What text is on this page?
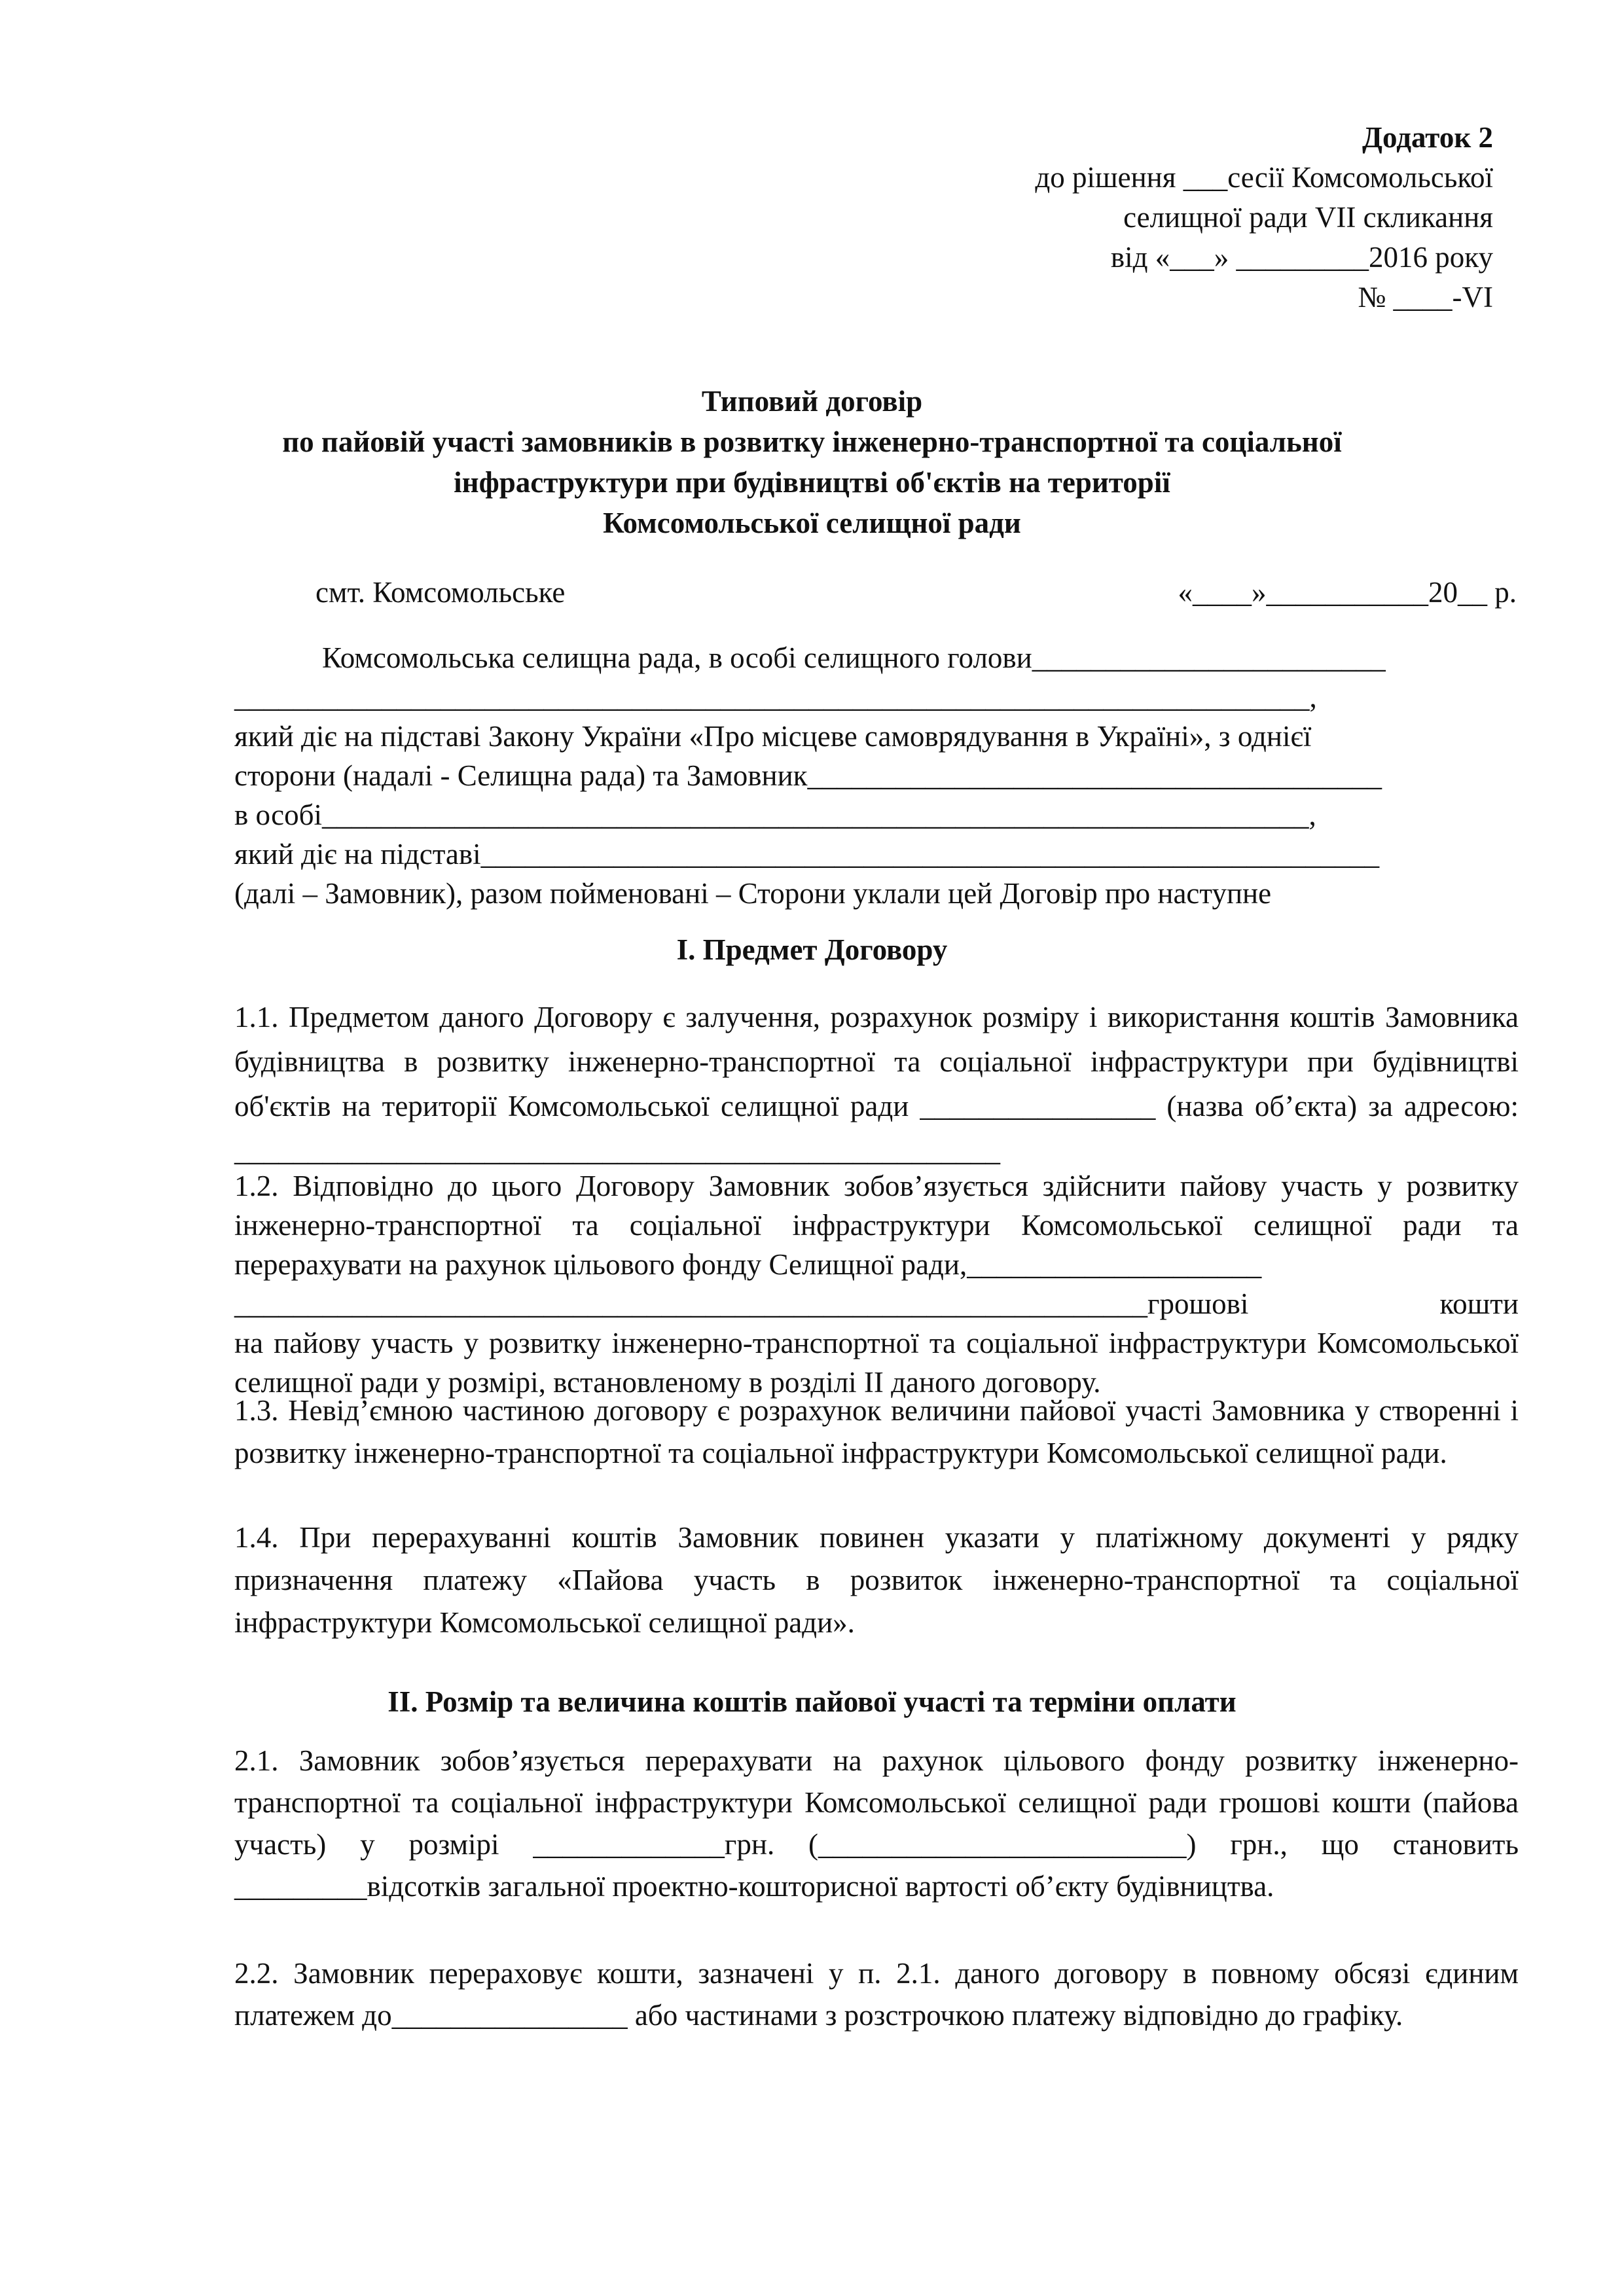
Додаток 2

до рішення ___сесії Комсомольської

селищної ради VII скликання

від «___» _________2016 року

№ ____-VI

Типовий договір

по пайовій участі замовників в розвитку інженерно-транспортної та соціальної

інфраструктури при будівництві об'єктів на території

Комсомольської селищної ради

смт. Комсомольське	«____»___________20__ р.

Комсомольська селищна рада, в особі селищного голови________________________

_________________________________________________________________________,

який діє на підставі Закону України «Про місцеве самоврядування в Україні», з однієї

сторони (надалі - Селищна рада) та Замовник_______________________________________

в особі___________________________________________________________________,

який діє на підставі_____________________________________________________________

(далі – Замовник), разом пойменовані – Сторони уклали цей Договір про наступне

І. Предмет Договору

1.1. Предметом даного Договору є залучення, розрахунок розміру і використання коштів Замовника будівництва в розвитку інженерно-транспортної та соціальної інфраструктури при будівництві об'єктів на території Комсомольської селищної ради ________________ (назва об’єкта) за адресою: ____________________________________________________

1.2. Відповідно до цього Договору Замовник зобов’язується здійснити пайову участь у розвитку інженерно-транспортної та соціальної інфраструктури Комсомольської селищної ради та перерахувати на рахунок цільового фонду Селищної ради,____________________

______________________________________________________________грошові кошти

на пайову участь у розвитку інженерно-транспортної та соціальної інфраструктури Комсомольської селищної ради у розмірі, встановленому в розділі ІІ даного договору.

1.3. Невід’ємною частиною договору є розрахунок величини пайової участі Замовника у створенні і розвитку інженерно-транспортної та соціальної інфраструктури Комсомольської селищної ради.

1.4. При перерахуванні коштів Замовник повинен указати у платіжному документі у рядку призначення платежу «Пайова участь в розвиток інженерно-транспортної та соціальної інфраструктури Комсомольської селищної ради».

ІІ. Розмір та величина коштів пайової участі та терміни оплати

2.1. Замовник зобов’язується перерахувати на рахунок цільового фонду розвитку інженерно-транспортної та соціальної інфраструктури Комсомольської селищної ради грошові кошти (пайова участь) у розмірі _____________грн. (_________________________) грн., що становить _________відсотків загальної проектно-кошторисної вартості об’єкту будівництва.

2.2. Замовник перераховує кошти, зазначені у п. 2.1. даного договору в повному обсязі єдиним платежем до________________ або частинами з розстрочкою платежу відповідно до графіку.
